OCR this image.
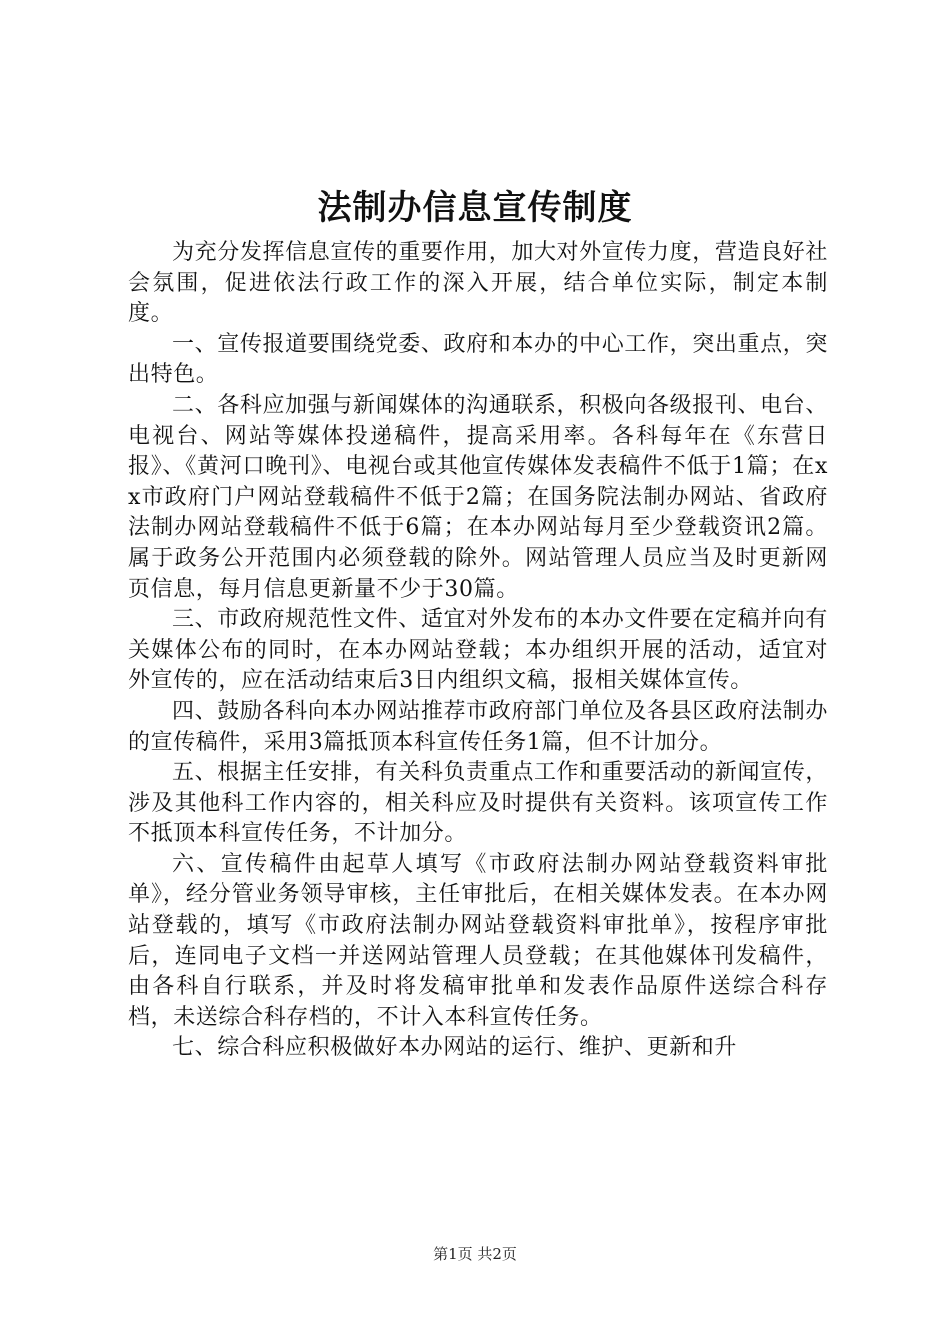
法制办信息宣传制度

为充分发挥信息宣传的重要作用，加大对外宣传力度，营造良好社会氛围，促进依法行政工作的深入开展，结合单位实际，制定本制度。

一、宣传报道要围绕党委、政府和本办的中心工作，突出重点，突出特色。

二、各科应加强与新闻媒体的沟通联系，积极向各级报刊、电台、电视台、网站等媒体投递稿件，提高采用率。各科每年在《东营日报》、《黄河口晚刊》、电视台或其他宣传媒体发表稿件不低于1篇；在xx市政府门户网站登载稿件不低于2篇；在国务院法制办网站、省政府法制办网站登载稿件不低于6篇；在本办网站每月至少登载资讯2篇。属于政务公开范围内必须登载的除外。网站管理人员应当及时更新网页信息，每月信息更新量不少于30篇。

三、市政府规范性文件、适宜对外发布的本办文件要在定稿并向有关媒体公布的同时，在本办网站登载；本办组织开展的活动，适宜对外宣传的，应在活动结束后3日内组织文稿，报相关媒体宣传。

四、鼓励各科向本办网站推荐市政府部门单位及各县区政府法制办的宣传稿件，采用3篇抵顶本科宣传任务1篇，但不计加分。

五、根据主任安排，有关科负责重点工作和重要活动的新闻宣传，涉及其他科工作内容的，相关科应及时提供有关资料。该项宣传工作不抵顶本科宣传任务，不计加分。

六、宣传稿件由起草人填写《市政府法制办网站登载资料审批单》，经分管业务领导审核，主任审批后，在相关媒体发表。在本办网站登载的，填写《市政府法制办网站登载资料审批单》，按程序审批后，连同电子文档一并送网站管理人员登载；在其他媒体刊发稿件，由各科自行联系，并及时将发稿审批单和发表作品原件送综合科存档，未送综合科存档的，不计入本科宣传任务。

七、综合科应积极做好本办网站的运行、维护、更新和升

第1页 共2页
